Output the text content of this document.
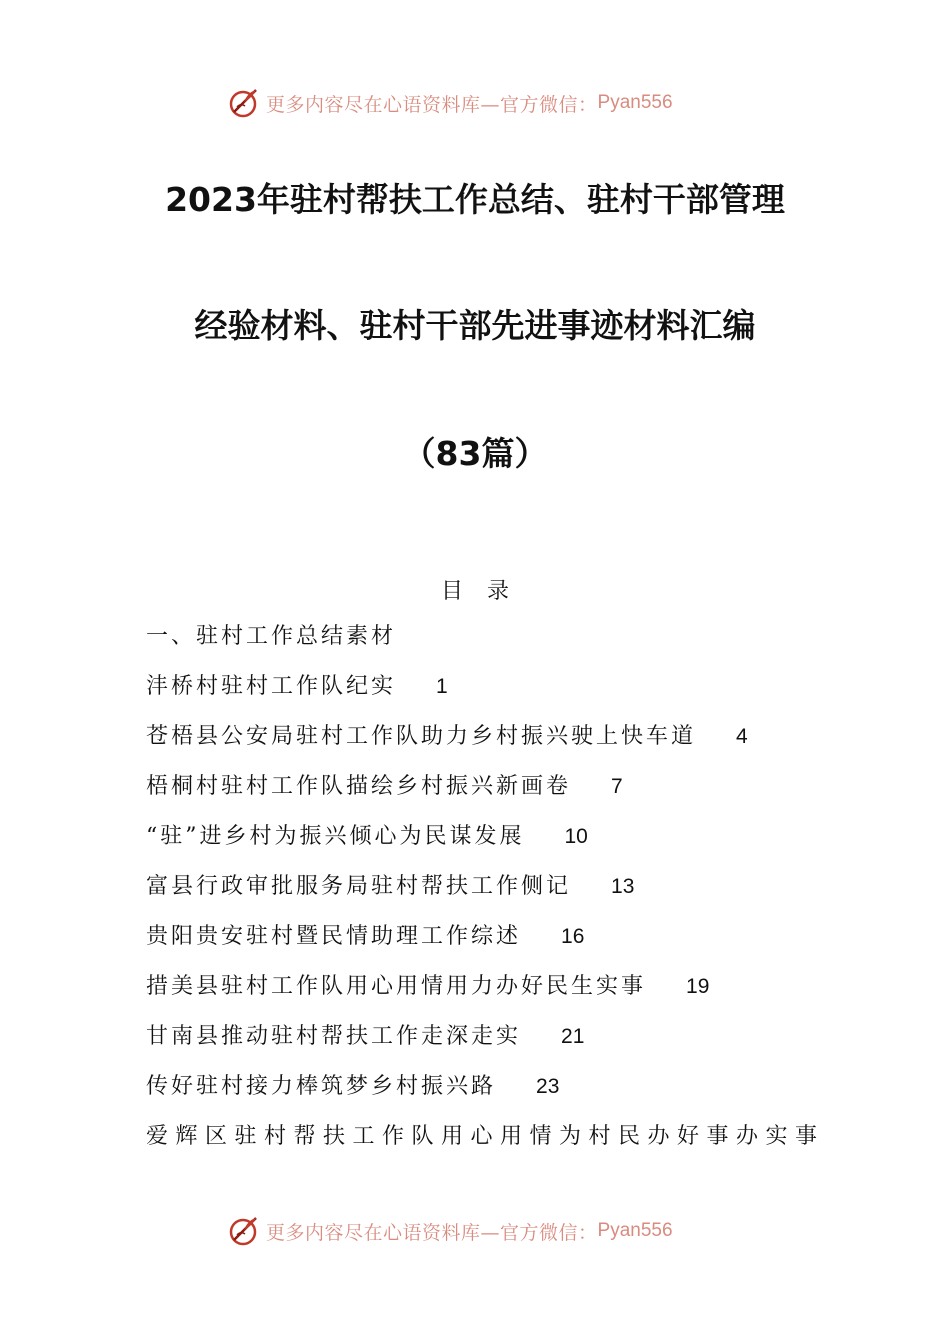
更多内容尽在心语资料库—官方微信： Pyan556
2023年驻村帮扶工作总结、驻村干部管理
经验材料、驻村干部先进事迹材料汇编
（83篇）
目录
一、驻村工作总结素材
沣桥村驻村工作队纪实 1
苍梧县公安局驻村工作队助力乡村振兴驶上快车道 4
梧桐村驻村工作队描绘乡村振兴新画卷 7
“驻”进乡村为振兴倾心为民谋发展 10
富县行政审批服务局驻村帮扶工作侧记 13
贵阳贵安驻村暨民情助理工作综述 16
措美县驻村工作队用心用情用力办好民生实事 19
甘南县推动驻村帮扶工作走深走实 21
传好驻村接力棒筑梦乡村振兴路 23
爱辉区驻村帮扶工作队用心用情为村民办好事办实事
更多内容尽在心语资料库—官方微信： Pyan556
